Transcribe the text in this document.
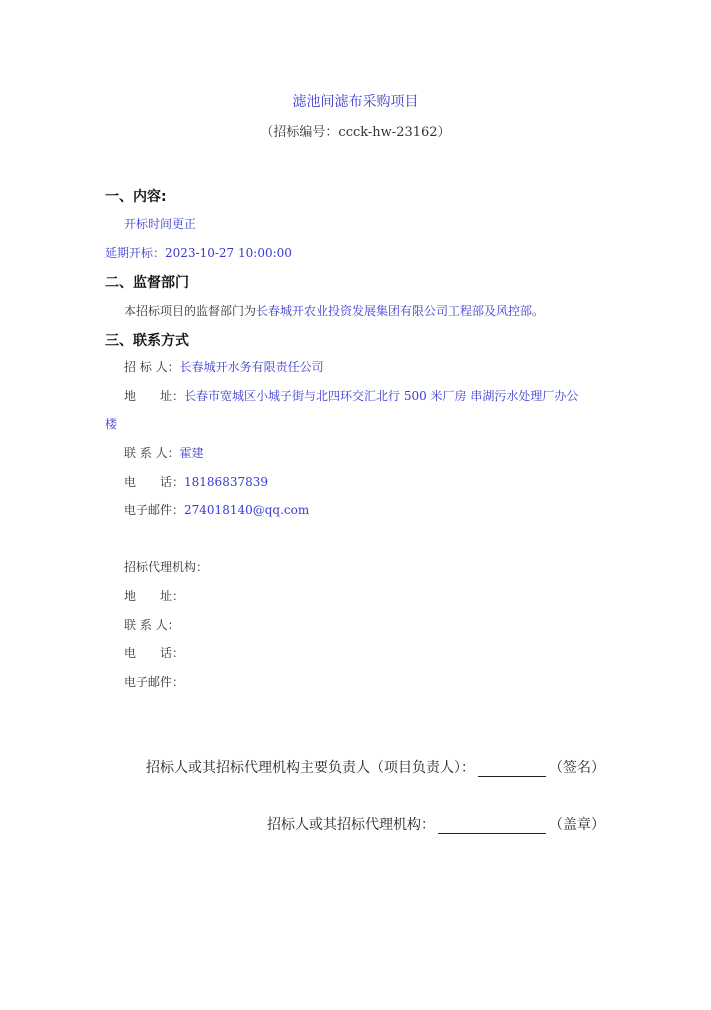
滤池间滤布采购项目
（招标编号：ccck-hw-23162）
一、内容:
开标时间更正
延期开标：2023-10-27 10:00:00
二、监督部门
本招标项目的监督部门为长春城开农业投资发展集团有限公司工程部及风控部。
三、联系方式
招 标 人：长春城开水务有限责任公司
地　　址：长春市宽城区小城子街与北四环交汇北行 500 米厂房 串湖污水处理厂办公
楼
联 系 人：霍建
电　　话：18186837839
电子邮件：274018140@qq.com
招标代理机构：
地　　址：
联 系 人：
电　　话：
电子邮件：
招标人或其招标代理机构主要负责人（项目负责人）：	（签名）
招标人或其招标代理机构：	（盖章）
